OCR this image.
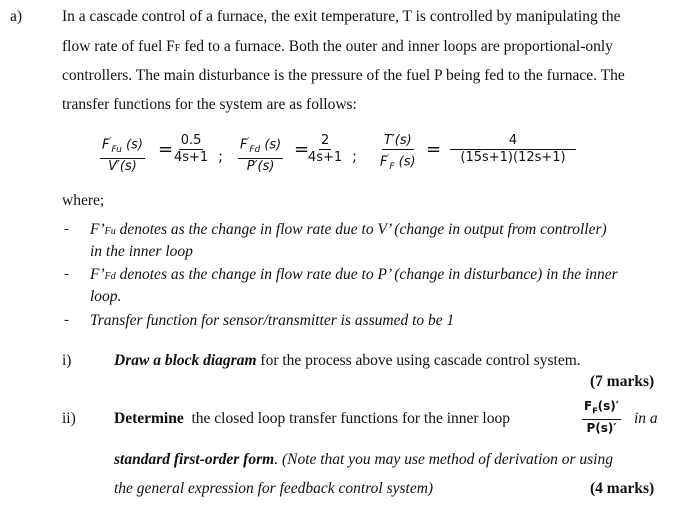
a)	In a cascade control of a furnace, the exit temperature, T is controlled by manipulating the
flow rate of fuel FF fed to a furnace. Both the outer and inner loops are proportional-only
controllers. The main disturbance is the pressure of the fuel P being fed to the furnace. The
transfer functions for the system are as follows:
$\frac{F'_{Fu} (s)}{V'(s)}$ =
$\frac{0.5}{4s+1}$ ; $\frac{F'_{Fd} (s)}{P'(s)}$ =
$\frac{2}{4s+1}$ ; $\frac{T'(s)}{F'_F (s)} = \frac{4}{(15s+1)(12s+1)}$
where;
- F’Fu denotes as the change in flow rate due to V’ (change in output from controller)
in the inner loop
- F’Fd denotes as the change in flow rate due to P’ (change in disturbance) in the inner
loop.
- Transfer function for sensor/transmitter is assumed to be 1
i)	Draw a block diagram for the process above using cascade control system.
(7 marks)
ii) Determine the closed loop transfer functions for the inner loop	$\frac{F_F(s)'}{P(s)'}$ in a
standard first-order form. (Note that you may use method of derivation or using
the general expression for feedback control system)	(4 marks)
